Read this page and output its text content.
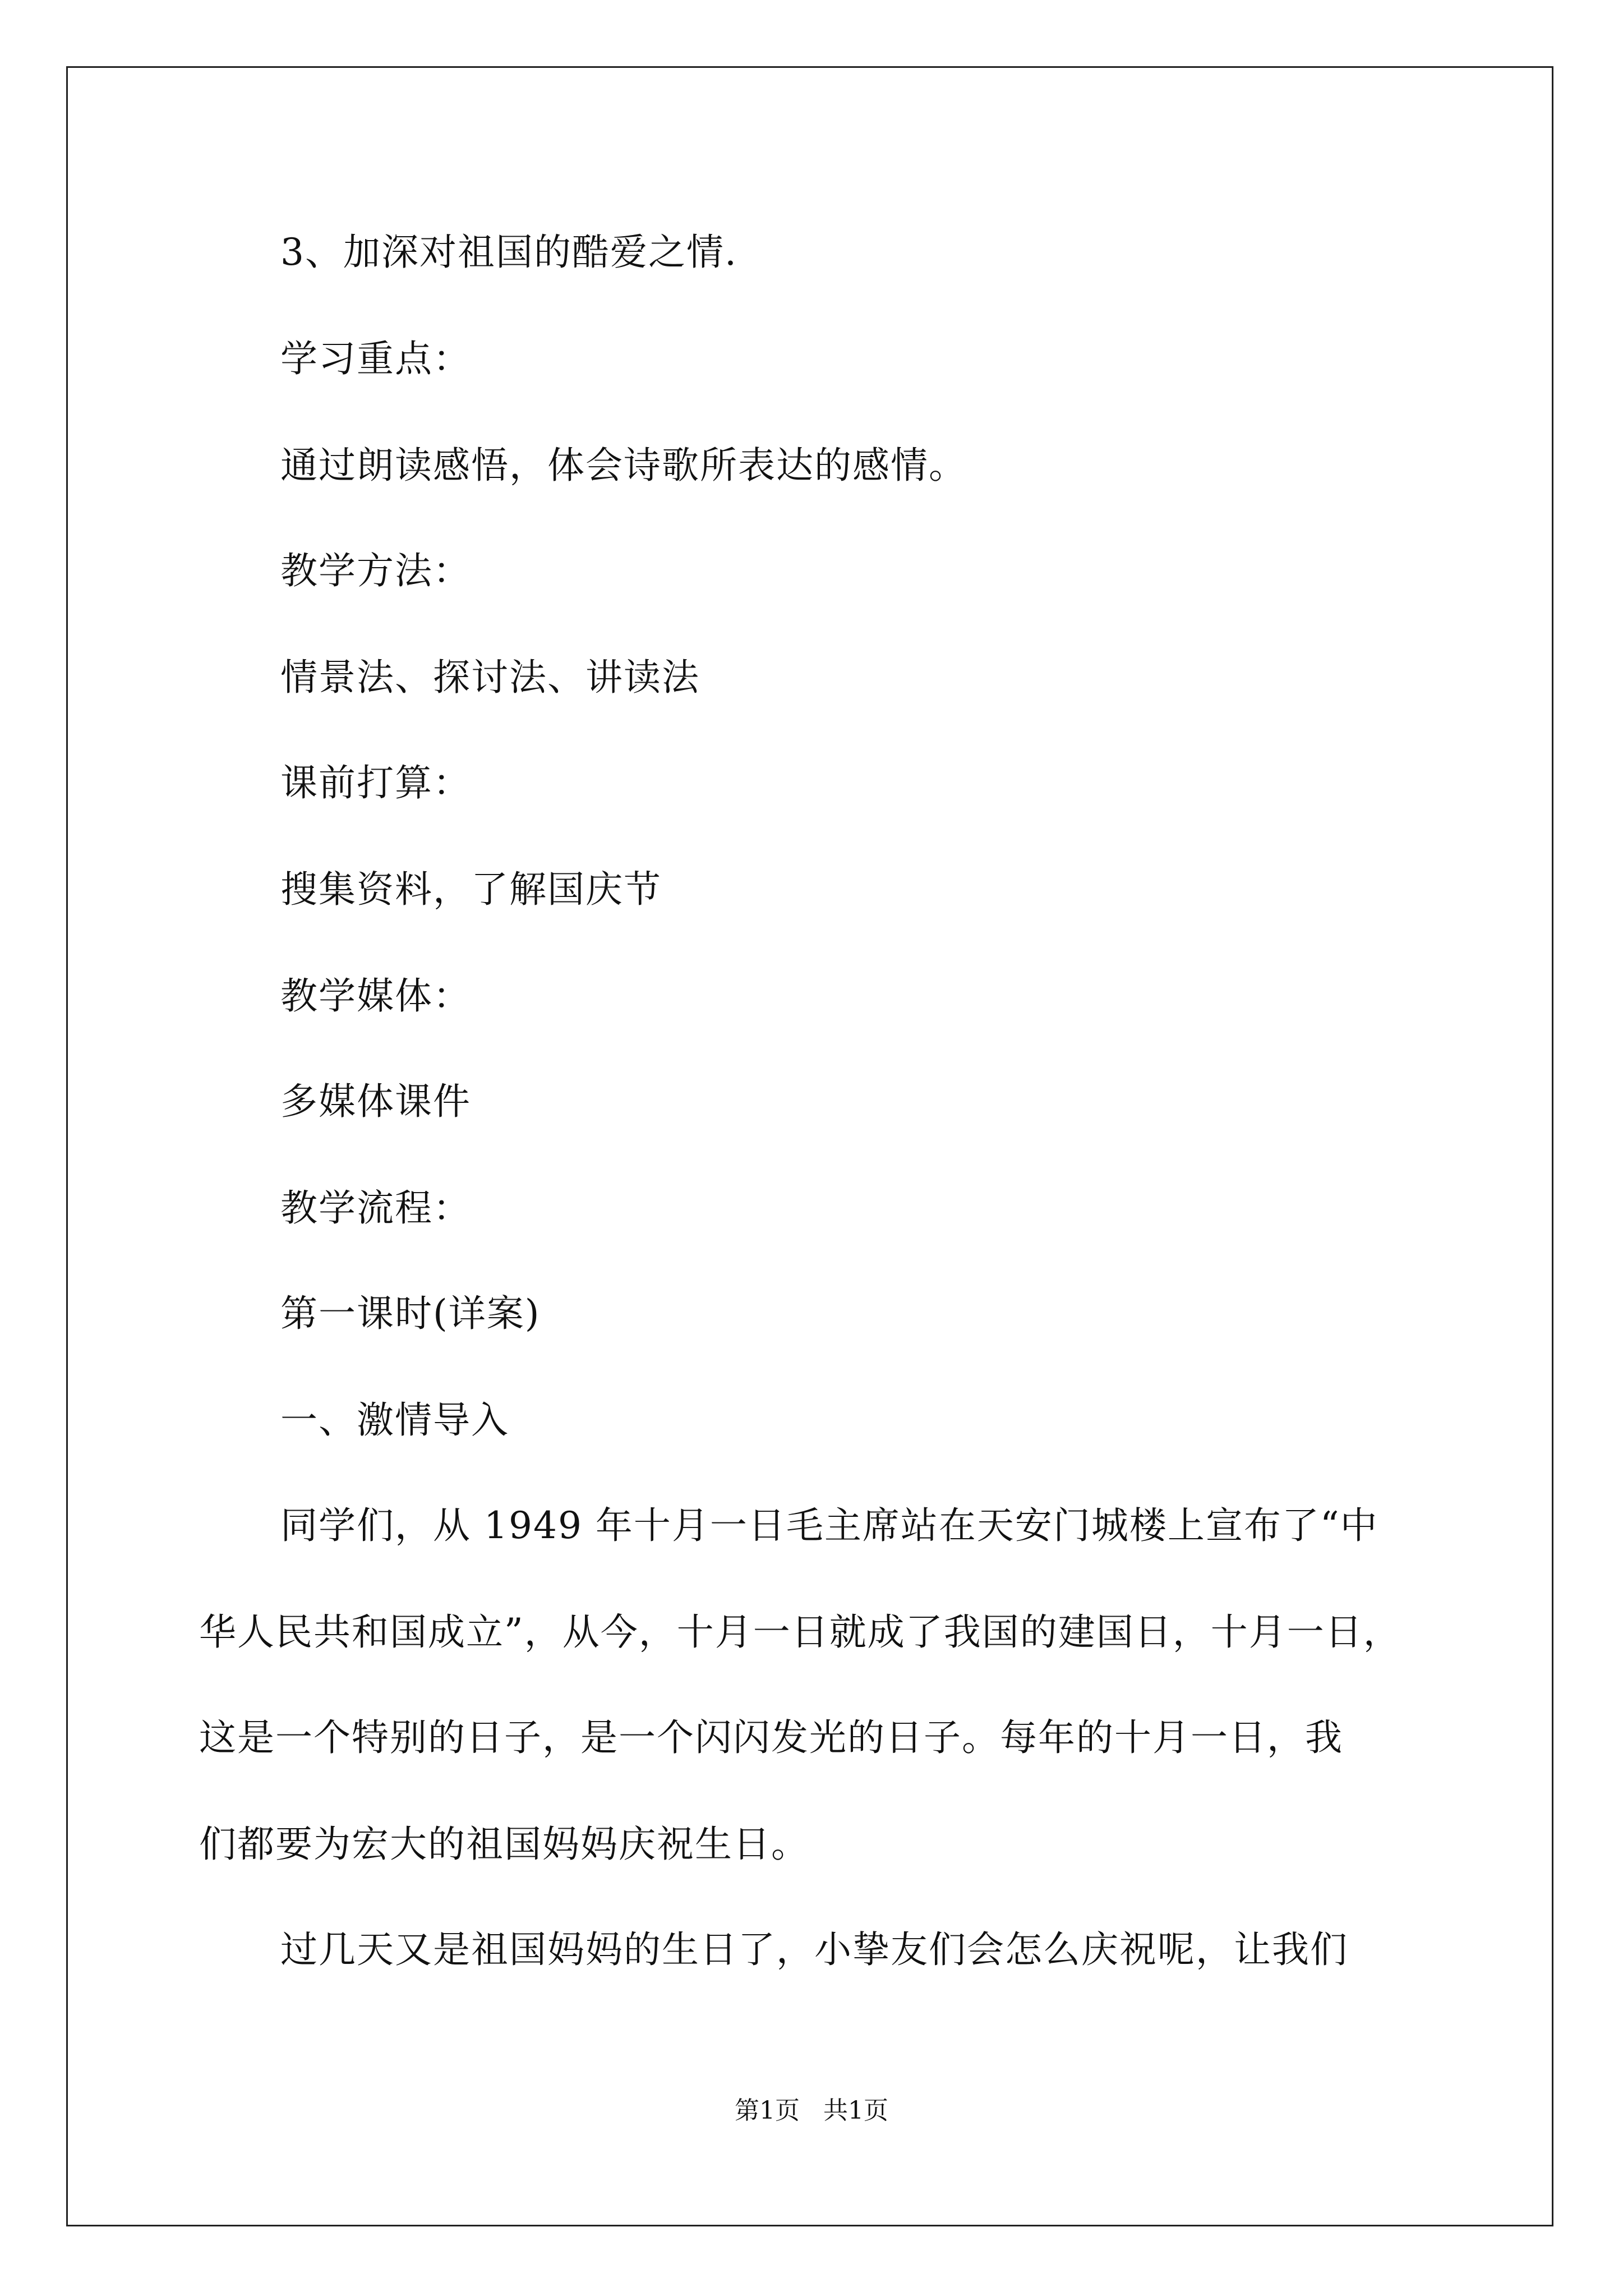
3、加深对祖国的酷爱之情.
学习重点：
通过朗读感悟，体会诗歌所表达的感情。
教学方法：
情景法、探讨法、讲读法
课前打算：
搜集资料，了解国庆节
教学媒体：
多媒体课件
教学流程：
第一课时(详案)
一、激情导入
同学们，从 1949 年十月一日毛主席站在天安门城楼上宣布了“中
华人民共和国成立”，从今，十月一日就成了我国的建国日，十月一日，
这是一个特别的日子，是一个闪闪发光的日子。每年的十月一日，我
们都要为宏大的祖国妈妈庆祝生日。
过几天又是祖国妈妈的生日了，小挚友们会怎么庆祝呢，让我们
第1页   共1页
